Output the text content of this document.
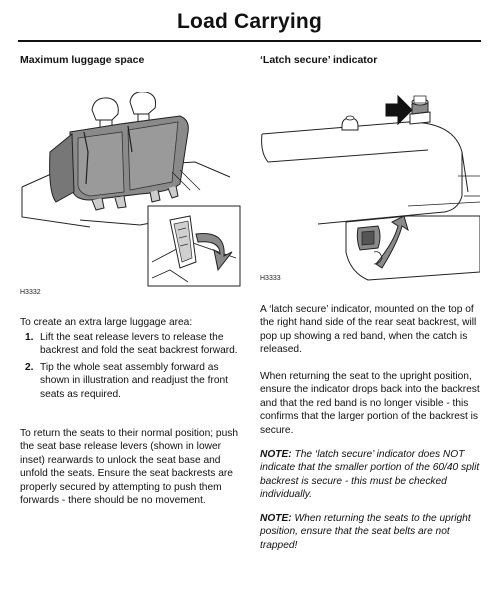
Load Carrying
Maximum luggage space	‘Latch secure’ indicator
H3332
H3333
To create an extra large luggage area:
1. Lift the seat release levers to release the backrest and fold the seat backrest forward.
2. Tip the whole seat assembly forward as shown in illustration and readjust the front seats as required.
To return the seats to their normal position; push the seat base release levers (shown in lower inset) rearwards to unlock the seat base and unfold the seats. Ensure the seat backrests are properly secured by attempting to push them forwards - there should be no movement.
A ‘latch secure’ indicator, mounted on the top of the right hand side of the rear seat backrest, will pop up showing a red band, when the catch is released.
When returning the seat to the upright position, ensure the indicator drops back into the backrest and that the red band is no longer visible - this confirms that the larger portion of the backrest is secure.
NOTE: The ‘latch secure’ indicator does NOT indicate that the smaller portion of the 60/40 split backrest is secure - this must be checked individually.
NOTE: When returning the seats to the upright position, ensure that the seat belts are not trapped!
